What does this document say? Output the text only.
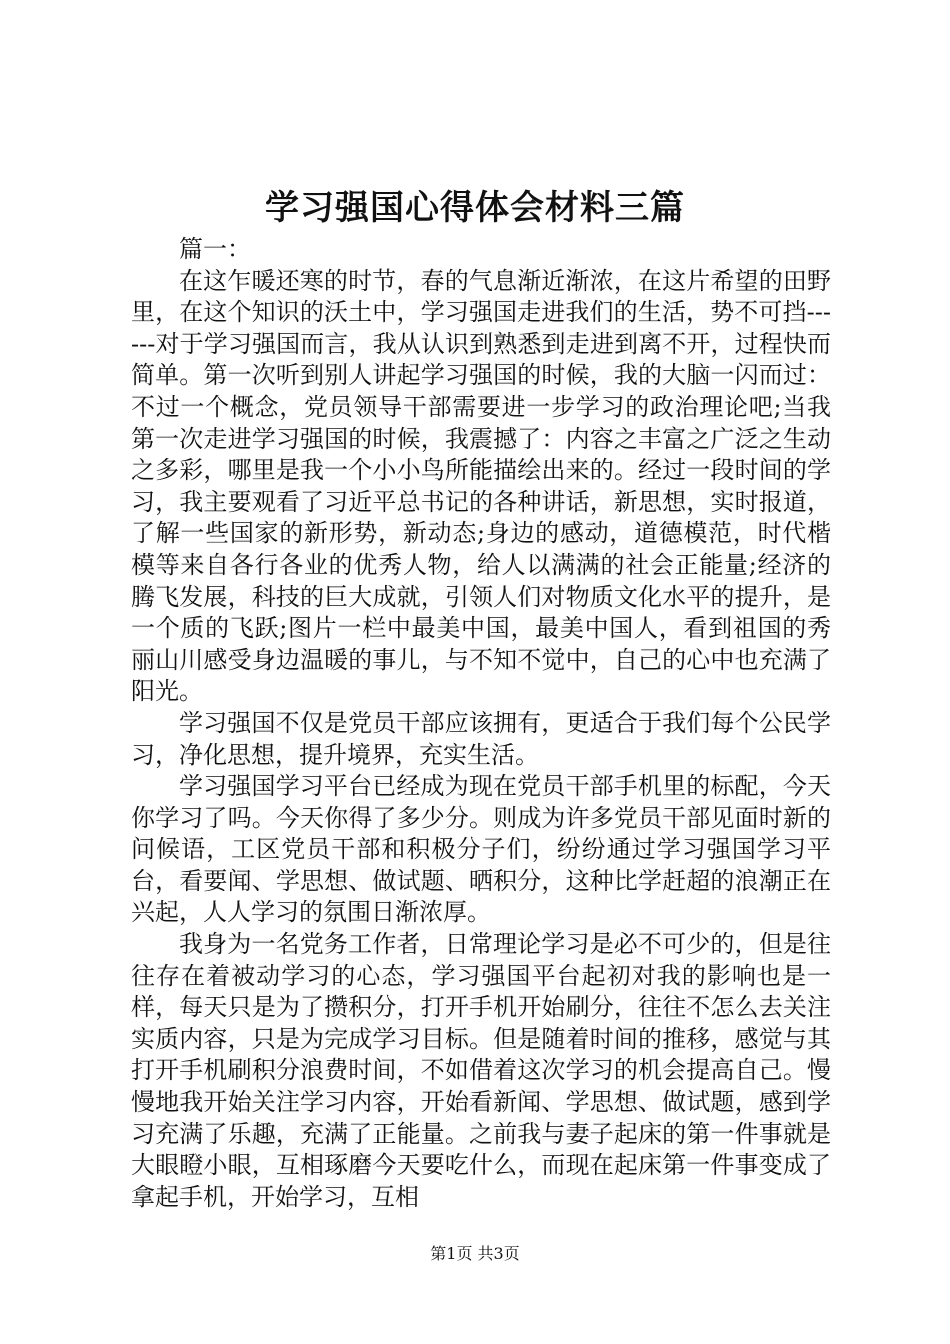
学习强国心得体会材料三篇

篇一：

在这乍暖还寒的时节，春的气息渐近渐浓，在这片希望的田野里，在这个知识的沃土中，学习强国走进我们的生活，势不可挡------对于学习强国而言，我从认识到熟悉到走进到离不开，过程快而简单。第一次听到别人讲起学习强国的时候，我的大脑一闪而过：不过一个概念，党员领导干部需要进一步学习的政治理论吧;当我第一次走进学习强国的时候，我震撼了：内容之丰富之广泛之生动之多彩，哪里是我一个小小鸟所能描绘出来的。经过一段时间的学习，我主要观看了习近平总书记的各种讲话，新思想，实时报道，了解一些国家的新形势，新动态;身边的感动，道德模范，时代楷模等来自各行各业的优秀人物，给人以满满的社会正能量;经济的腾飞发展，科技的巨大成就，引领人们对物质文化水平的提升，是一个质的飞跃;图片一栏中最美中国，最美中国人，看到祖国的秀丽山川感受身边温暖的事儿，与不知不觉中，自己的心中也充满了阳光。

学习强国不仅是党员干部应该拥有，更适合于我们每个公民学习，净化思想，提升境界，充实生活。

学习强国学习平台已经成为现在党员干部手机里的标配，今天你学习了吗。今天你得了多少分。则成为许多党员干部见面时新的问候语，工区党员干部和积极分子们，纷纷通过学习强国学习平台，看要闻、学思想、做试题、晒积分，这种比学赶超的浪潮正在兴起，人人学习的氛围日渐浓厚。

我身为一名党务工作者，日常理论学习是必不可少的，但是往往存在着被动学习的心态，学习强国平台起初对我的影响也是一样，每天只是为了攒积分，打开手机开始刷分，往往不怎么去关注实质内容，只是为完成学习目标。但是随着时间的推移，感觉与其打开手机刷积分浪费时间，不如借着这次学习的机会提高自己。慢慢地我开始关注学习内容，开始看新闻、学思想、做试题，感到学习充满了乐趣，充满了正能量。之前我与妻子起床的第一件事就是大眼瞪小眼，互相琢磨今天要吃什么，而现在起床第一件事变成了拿起手机，开始学习，互相

第1页 共3页
